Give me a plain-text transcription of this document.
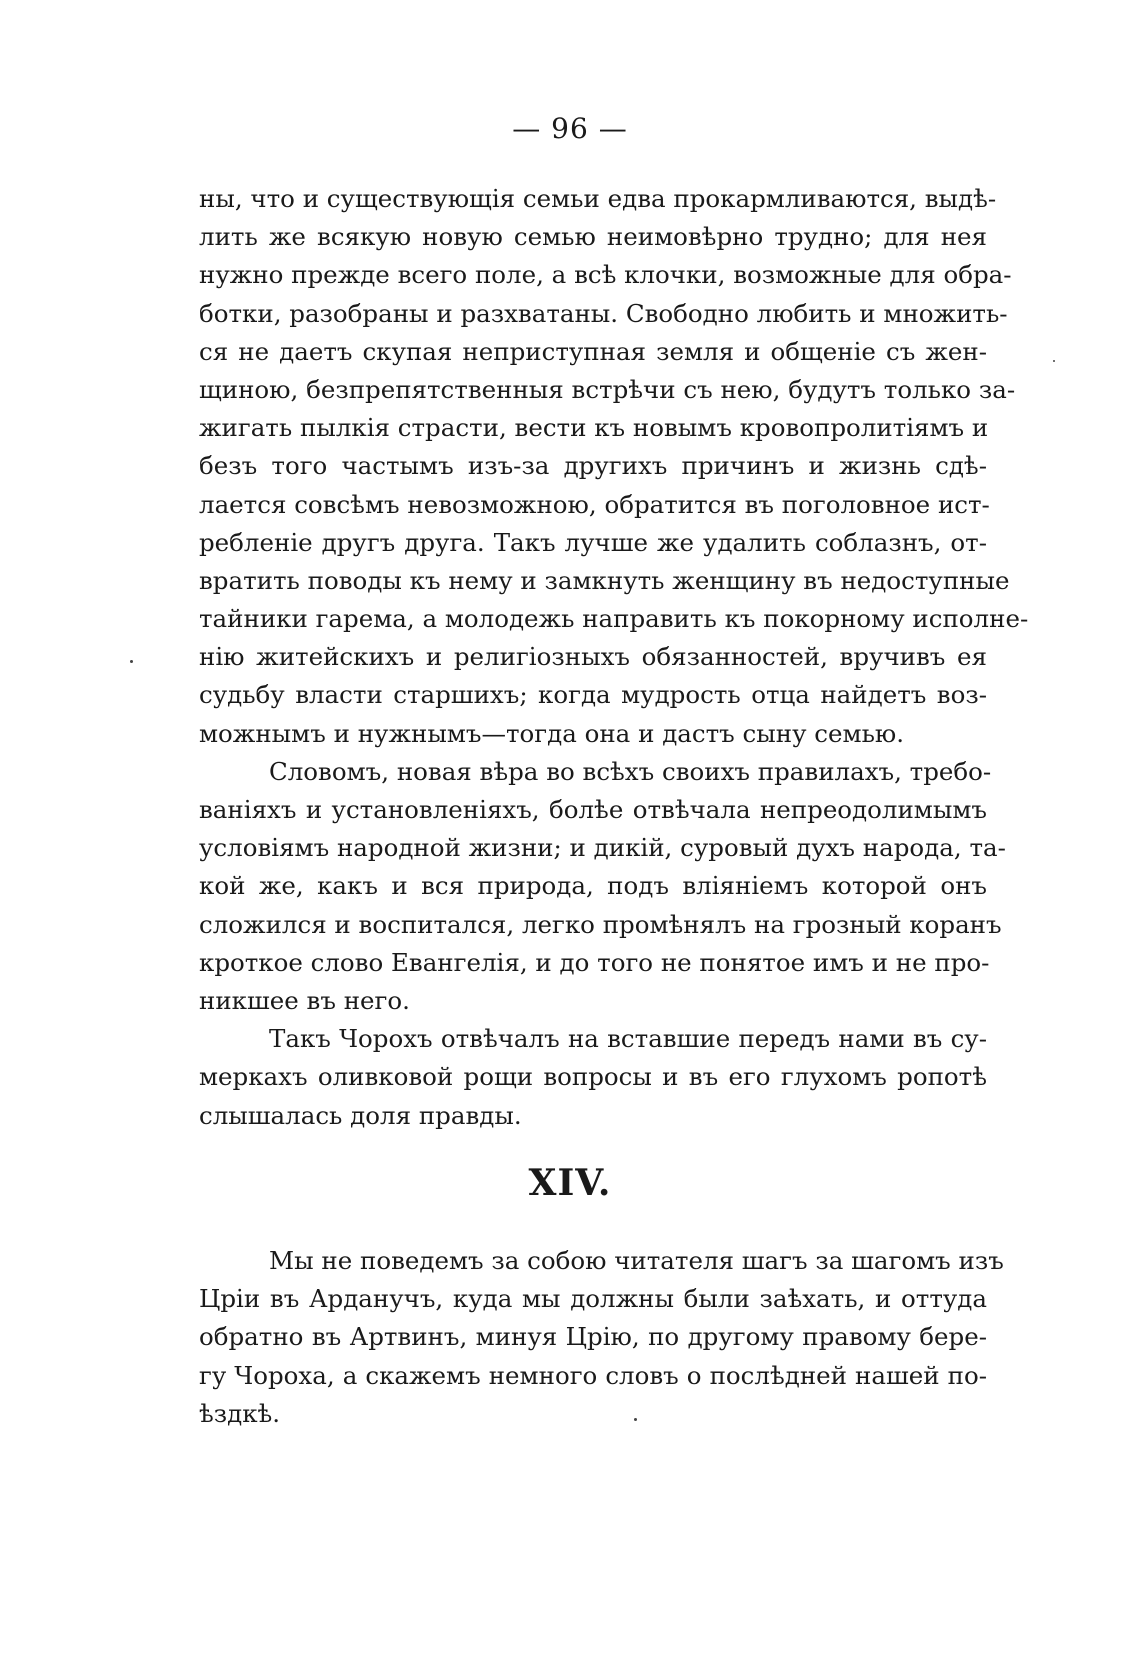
— 96 —
ны, что и существующія семьи едва прокармливаются, выдѣ-
лить же всякую новую семью неимовѣрно трудно; для нея
нужно прежде всего поле, а всѣ клочки, возможные для обра-
ботки, разобраны и разхватаны. Свободно любить и множить-
ся не даетъ скупая неприступная земля и общеніе съ жен-
щиною, безпрепятственныя встрѣчи съ нею, будутъ только за-
жигать пылкія страсти, вести къ новымъ кровопролитіямъ и
безъ того частымъ изъ-за другихъ причинъ и жизнь сдѣ-
лается совсѣмъ невозможною, обратится въ поголовное ист-
ребленіе другъ друга. Такъ лучше же удалить соблазнъ, от-
вратить поводы къ нему и замкнуть женщину въ недоступные
тайники гарема, а молодежь направить къ покорному исполне-
нію житейскихъ и религіозныхъ обязанностей, вручивъ ея
судьбу власти старшихъ; когда мудрость отца найдетъ воз-
можнымъ и нужнымъ—тогда она и дастъ сыну семью.
Словомъ, новая вѣра во всѣхъ своихъ правилахъ, требо-
ваніяхъ и установленіяхъ, болѣе отвѣчала непреодолимымъ
условіямъ народной жизни; и дикій, суровый духъ народа, та-
кой же, какъ и вся природа, подъ вліяніемъ которой онъ
сложился и воспитался, легко промѣнялъ на грозный коранъ
кроткое слово Евангелія, и до того не понятое имъ и не про-
никшее въ него.
Такъ Чорохъ отвѣчалъ на вставшие передъ нами въ су-
меркахъ оливковой рощи вопросы и въ его глухомъ ропотѣ
слышалась доля правды.
XIV.
Мы не поведемъ за собою читателя шагъ за шагомъ изъ
Цріи въ Арданучъ, куда мы должны были заѣхать, и оттуда
обратно въ Артвинъ, минуя Црію, по другому правому бере-
гу Чороха, а скажемъ немного словъ о послѣдней нашей по-
ѣздкѣ.
